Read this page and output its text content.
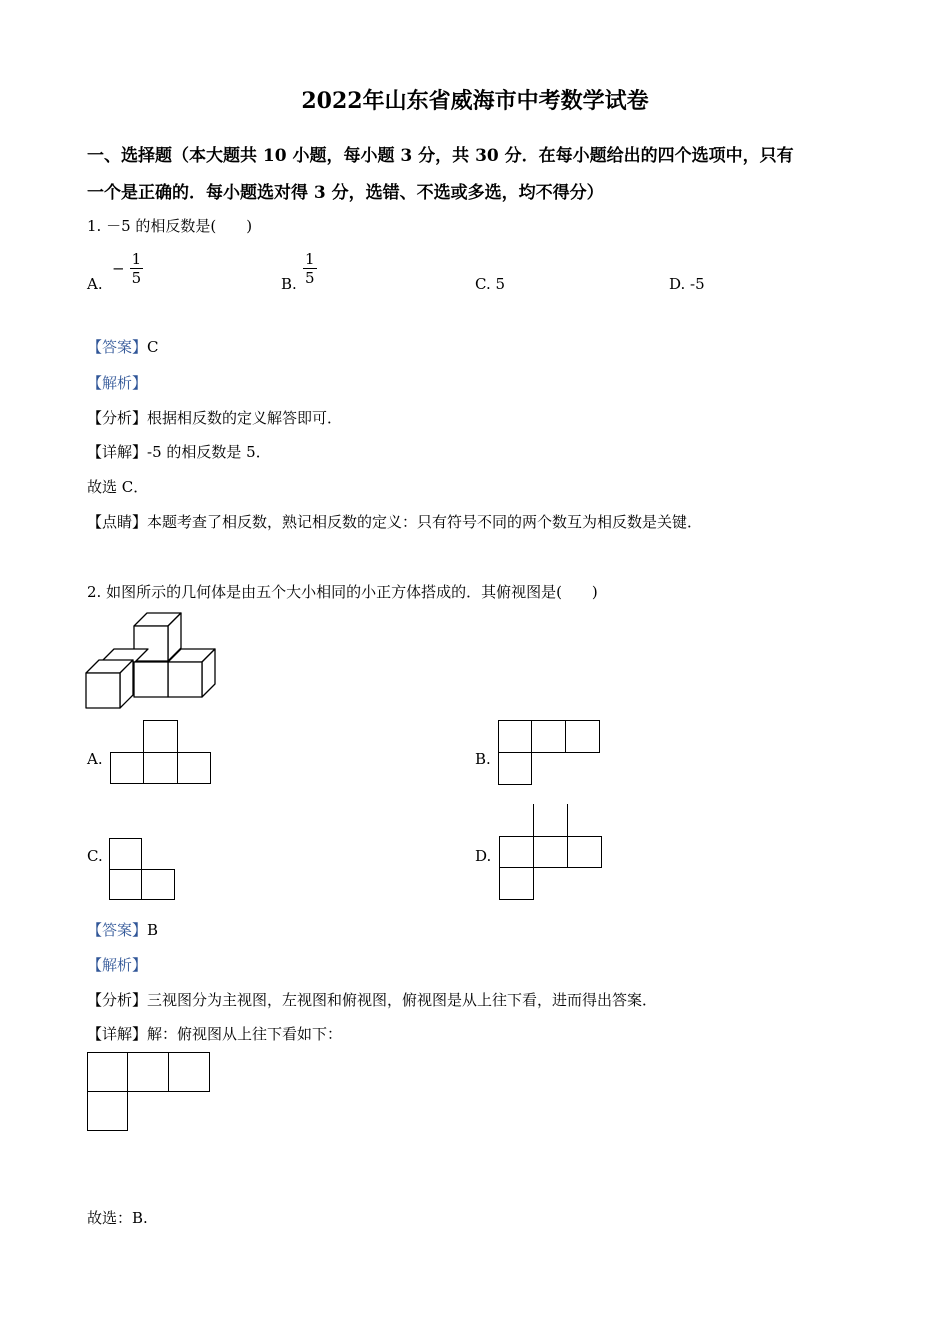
2022年山东省威海市中考数学试卷
一、选择题（本大题共 10 小题，每小题 3 分，共 30 分．在每小题给出的四个选项中，只有
一个是正确的．每小题选对得 3 分，选错、不选或多选，均不得分）
1. －5 的相反数是(　　)
A.
− $\frac{1}{5}$	B. $\frac{1}{5}$	C. 5	D. -5
【答案】C
【解析】
【分析】根据相反数的定义解答即可．
【详解】-5 的相反数是 5．
故选 C．
【点睛】本题考查了相反数，熟记相反数的定义：只有符号不同的两个数互为相反数是关键．
2. 如图所示的几何体是由五个大小相同的小正方体搭成的．其俯视图是(　　)
A.	B.
C.	D.
【答案】B
【解析】
【分析】三视图分为主视图，左视图和俯视图，俯视图是从上往下看，进而得出答案．
【详解】解：俯视图从上往下看如下：
故选：B.
